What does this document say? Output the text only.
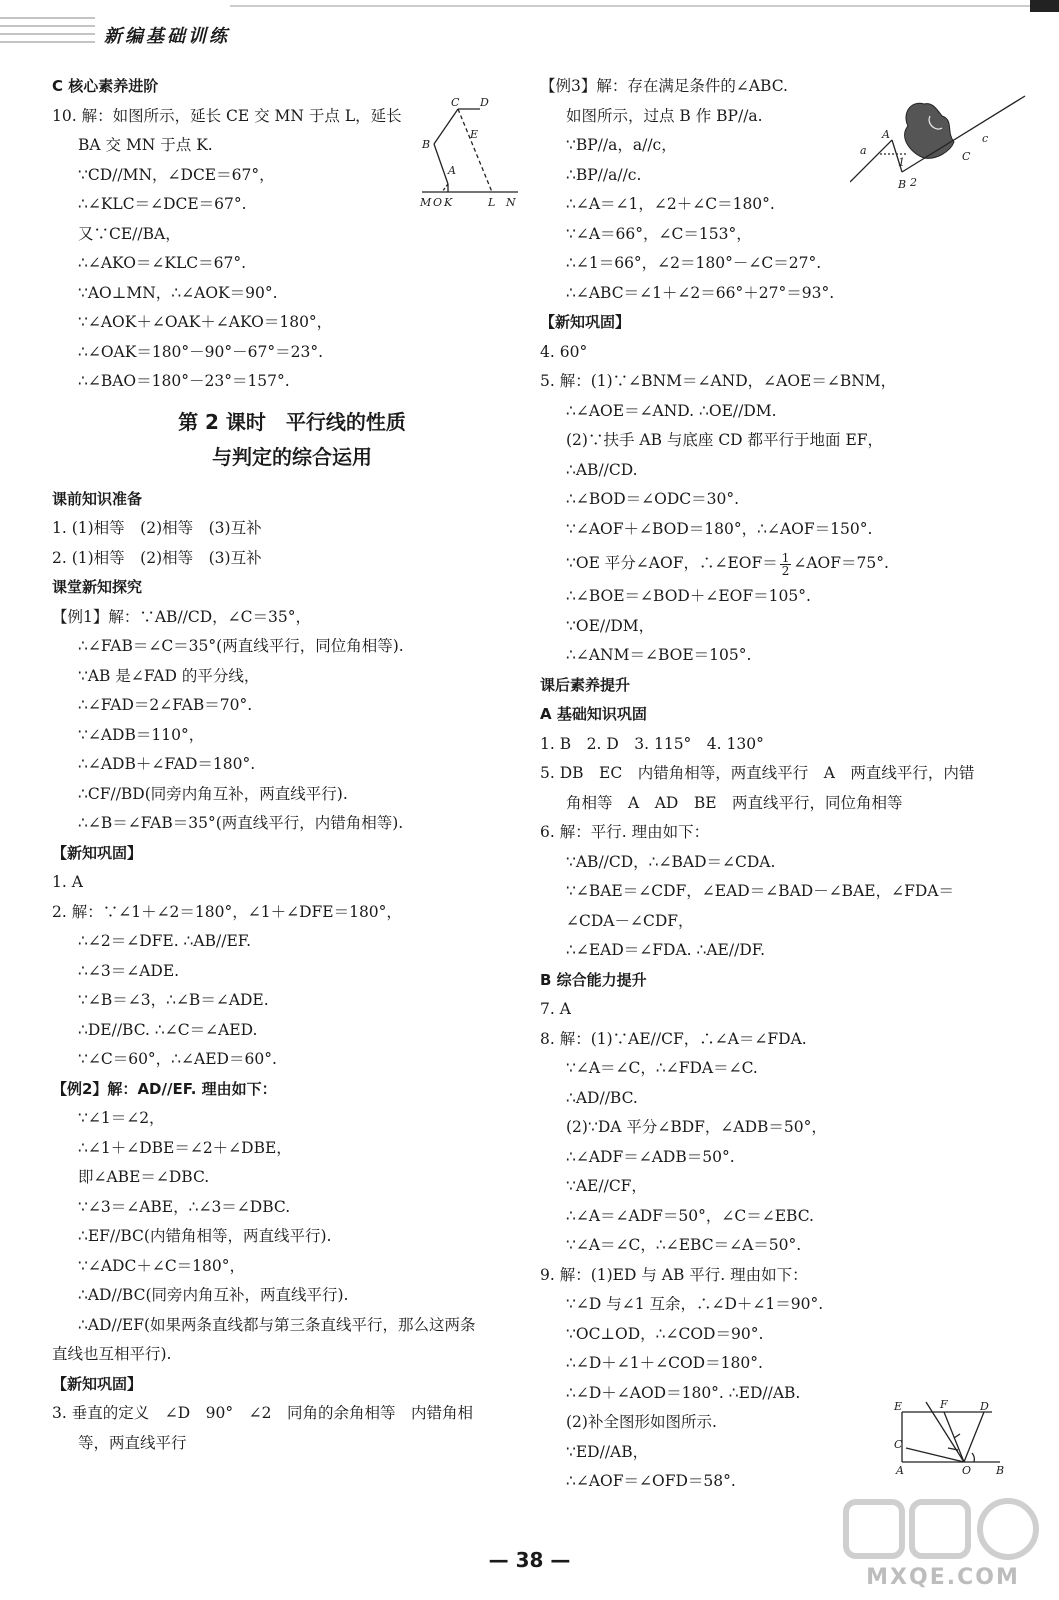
新编基础训练
C 核心素养进阶
10. 解：如图所示，延长 CE 交 MN 于点 L，延长
BA 交 MN 于点 K.
∵CD//MN，∠DCE＝67°，
∴∠KLC＝∠DCE＝67°.
又∵CE//BA，
∴∠AKO＝∠KLC＝67°.
∵AO⊥MN，∴∠AOK＝90°.
∵∠AOK＋∠OAK＋∠AKO＝180°，
∴∠OAK＝180°－90°－67°＝23°.
∴∠BAO＝180°－23°＝157°.
第 2 课时　平行线的性质
与判定的综合运用
课前知识准备
1. (1)相等　(2)相等　(3)互补
2. (1)相等　(2)相等　(3)互补
课堂新知探究
【例1】解：∵AB//CD，∠C＝35°，
∴∠FAB＝∠C＝35°(两直线平行，同位角相等).
∵AB 是∠FAD 的平分线，
∴∠FAD＝2∠FAB＝70°.
∵∠ADB＝110°，
∴∠ADB＋∠FAD＝180°.
∴CF//BD(同旁内角互补，两直线平行).
∴∠B＝∠FAB＝35°(两直线平行，内错角相等).
【新知巩固】
1. A
2. 解：∵∠1＋∠2＝180°，∠1＋∠DFE＝180°，
∴∠2＝∠DFE. ∴AB//EF.
∴∠3＝∠ADE.
∵∠B＝∠3，∴∠B＝∠ADE.
∴DE//BC. ∴∠C＝∠AED.
∵∠C＝60°，∴∠AED＝60°.
【例2】解：AD//EF. 理由如下：
∵∠1＝∠2，
∴∠1＋∠DBE＝∠2＋∠DBE，
即∠ABE＝∠DBC.
∵∠3＝∠ABE，∴∠3＝∠DBC.
∴EF//BC(内错角相等，两直线平行).
∵∠ADC＋∠C＝180°，
∴AD//BC(同旁内角互补，两直线平行).
∴AD//EF(如果两条直线都与第三条直线平行，那么这两条
直线也互相平行).
【新知巩固】
3. 垂直的定义　∠D　90°　∠2　同角的余角相等　内错角相
等，两直线平行
【例3】解：存在满足条件的∠ABC.
如图所示，过点 B 作 BP//a.
∵BP//a，a//c，
∴BP//a//c.
∴∠A＝∠1，∠2＋∠C＝180°.
∵∠A＝66°，∠C＝153°，
∴∠1＝66°，∠2＝180°－∠C＝27°.
∴∠ABC＝∠1＋∠2＝66°＋27°＝93°.
【新知巩固】
4. 60°
5. 解：(1)∵∠BNM＝∠AND，∠AOE＝∠BNM，
∴∠AOE＝∠AND. ∴OE//DM.
(2)∵扶手 AB 与底座 CD 都平行于地面 EF，
∴AB//CD.
∴∠BOD＝∠ODC＝30°.
∵∠AOF＋∠BOD＝180°，∴∠AOF＝150°.
∵OE 平分∠AOF，∴∠EOF＝ $\frac{1}{2}$ ∠AOF＝75°.
∴∠BOE＝∠BOD＋∠EOF＝105°.
∵OE//DM，
∴∠ANM＝∠BOE＝105°.
课后素养提升
A 基础知识巩固
1. B　2. D　3. 115°　4. 130°
5. DB　EC　内错角相等，两直线平行　A　两直线平行，内错
角相等　A　AD　BE　两直线平行，同位角相等
6. 解：平行. 理由如下：
∵AB//CD，∴∠BAD＝∠CDA.
∵∠BAE＝∠CDF，∠EAD＝∠BAD－∠BAE，∠FDA＝
∠CDA－∠CDF，
∴∠EAD＝∠FDA. ∴AE//DF.
B 综合能力提升
7. A
8. 解：(1)∵AE//CF，∴∠A＝∠FDA.
∵∠A＝∠C，∴∠FDA＝∠C.
∴AD//BC.
(2)∵DA 平分∠BDF，∠ADB＝50°，
∴∠ADF＝∠ADB＝50°.
∵AE//CF，
∴∠A＝∠ADF＝50°，∠C＝∠EBC.
∵∠A＝∠C，∴∠EBC＝∠A＝50°.
9. 解：(1)ED 与 AB 平行. 理由如下：
∵∠D 与∠1 互余，∴∠D＋∠1＝90°.
∵OC⊥OD，∴∠COD＝90°.
∴∠D＋∠1＋∠COD＝180°.
∴∠D＋∠AOD＝180°. ∴ED//AB.
(2)补全图形如图所示.
∵ED//AB，
∴∠AOF＝∠OFD＝58°.
C D
E
B
A
M O K	L N
a
A
1
B 2
C
c
E	F	D
C
A	O B
— 38 —
MXQE.COM
